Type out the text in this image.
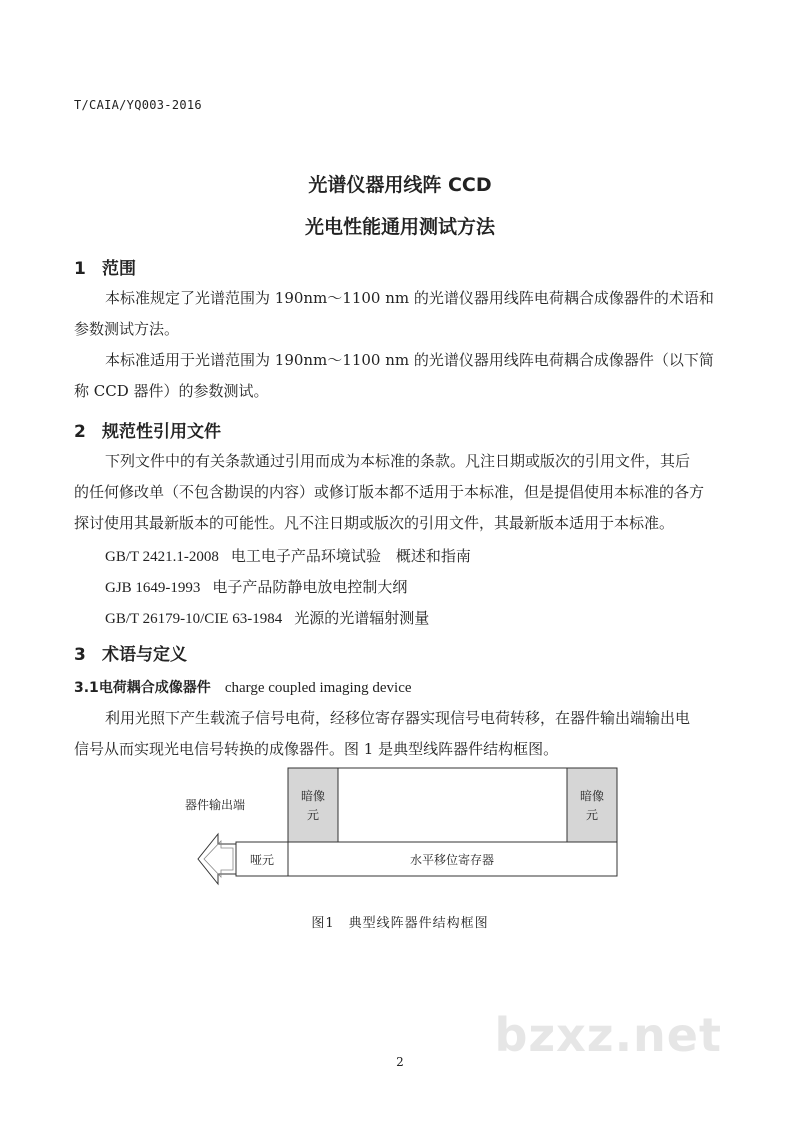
T/CAIA/YQ003-2016
光谱仪器用线阵 CCD
光电性能通用测试方法
1 范围
本标准规定了光谱范围为 190nm～1100 nm 的光谱仪器用线阵电荷耦合成像器件的术语和
参数测试方法。
本标准适用于光谱范围为 190nm～1100 nm 的光谱仪器用线阵电荷耦合成像器件（以下简
称 CCD 器件）的参数测试。
2 规范性引用文件
下列文件中的有关条款通过引用而成为本标准的条款。凡注日期或版次的引用文件，其后
的任何修改单（不包含勘误的内容）或修订版本都不适用于本标准，但是提倡使用本标准的各方
探讨使用其最新版本的可能性。凡不注日期或版次的引用文件，其最新版本适用于本标准。
GB/T 2421.1-2008 电工电子产品环境试验　概述和指南
GJB 1649-1993 电子产品防静电放电控制大纲
GB/T 26179-10/CIE 63-1984 光源的光谱辐射测量
3 术语与定义
3.1电荷耦合成像器件 charge coupled imaging device
利用光照下产生载流子信号电荷，经移位寄存器实现信号电荷转移，在器件输出端输出电
信号从而实现光电信号转换的成像器件。图 1 是典型线阵器件结构框图。
暗像
元
暗像
元
哑元	水平移位寄存器
器件输出端
图1　典型线阵器件结构框图
bzxz.net
2
